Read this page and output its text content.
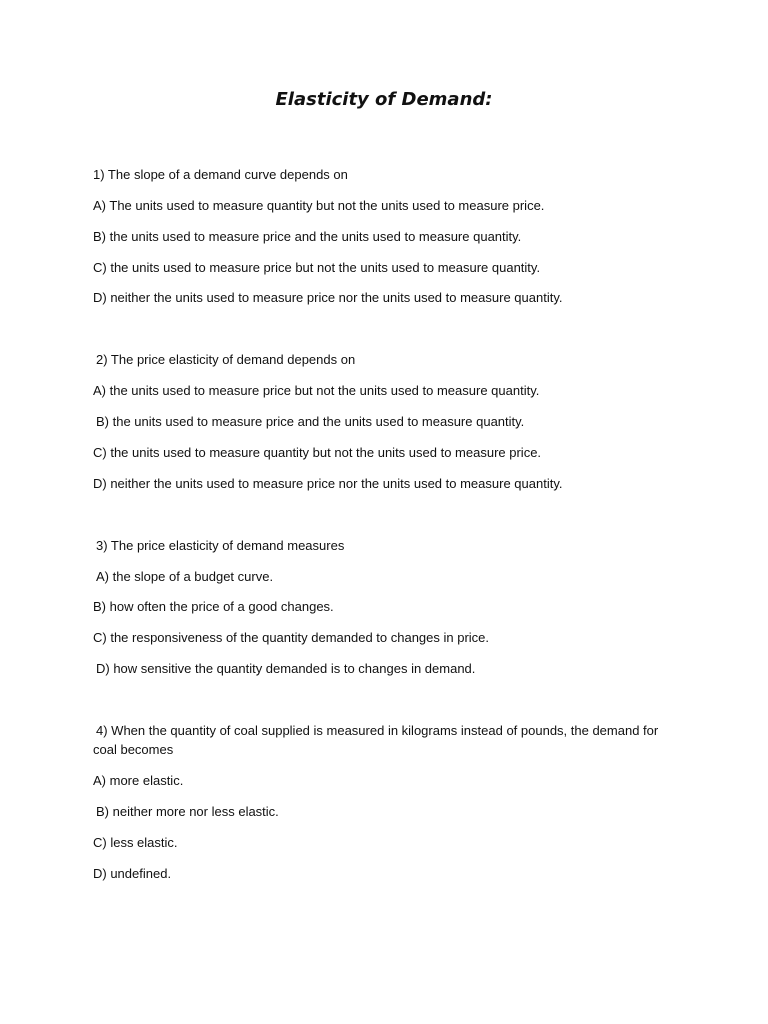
Elasticity of Demand:

1) The slope of a demand curve depends on

A) The units used to measure quantity but not the units used to measure price.

B) the units used to measure price and the units used to measure quantity.

C) the units used to measure price but not the units used to measure quantity.

D) neither the units used to measure price nor the units used to measure quantity.

2) The price elasticity of demand depends on

A) the units used to measure price but not the units used to measure quantity.

B) the units used to measure price and the units used to measure quantity.

C) the units used to measure quantity but not the units used to measure price.

D) neither the units used to measure price nor the units used to measure quantity.

3) The price elasticity of demand measures

A) the slope of a budget curve.

B) how often the price of a good changes.

C) the responsiveness of the quantity demanded to changes in price.

D) how sensitive the quantity demanded is to changes in demand.

4) When the quantity of coal supplied is measured in kilograms instead of pounds, the demand for coal becomes

A) more elastic.

B) neither more nor less elastic.

C) less elastic.

D) undefined.
